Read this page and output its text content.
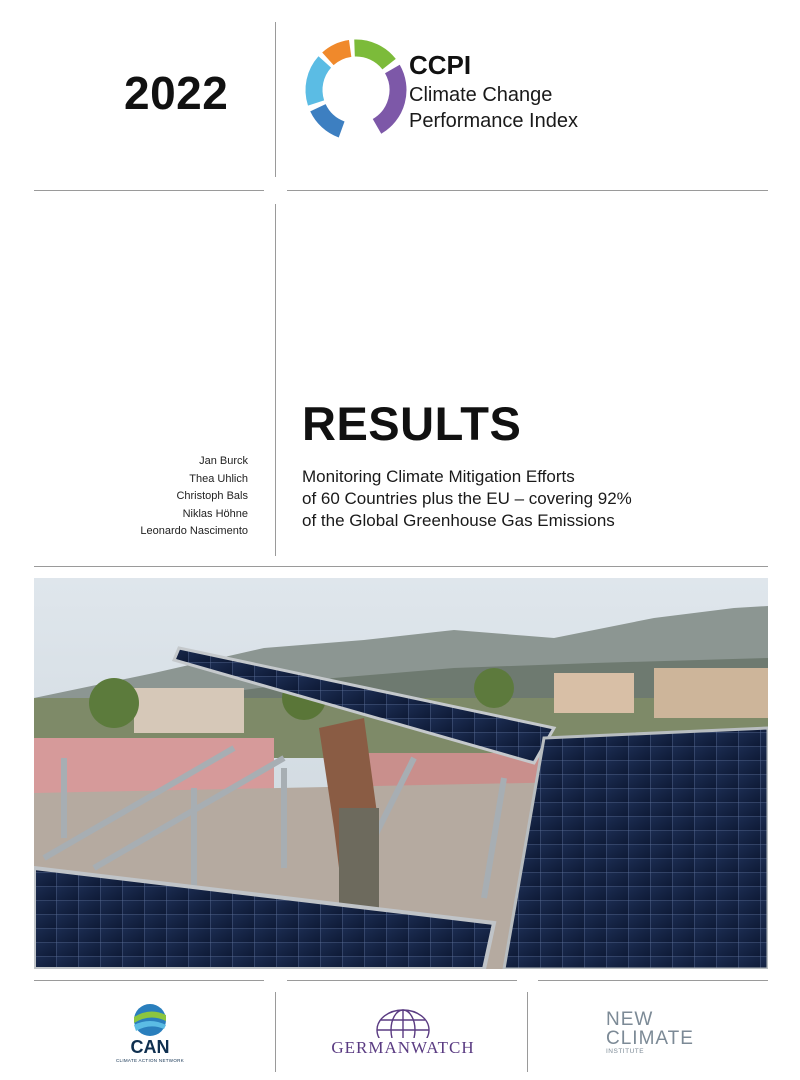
2022
CCPI
Climate Change
Performance Index
RESULTS
Monitoring Climate Mitigation Efforts
of 60 Countries plus the EU – covering 92%
of the Global Greenhouse Gas Emissions
Jan Burck
Thea Uhlich
Christoph Bals
Niklas Höhne
Leonardo Nascimento
CAN
CLIMATE ACTION NETWORK
GERMANWATCH
NEW
CLIMATE
INSTITUTE
